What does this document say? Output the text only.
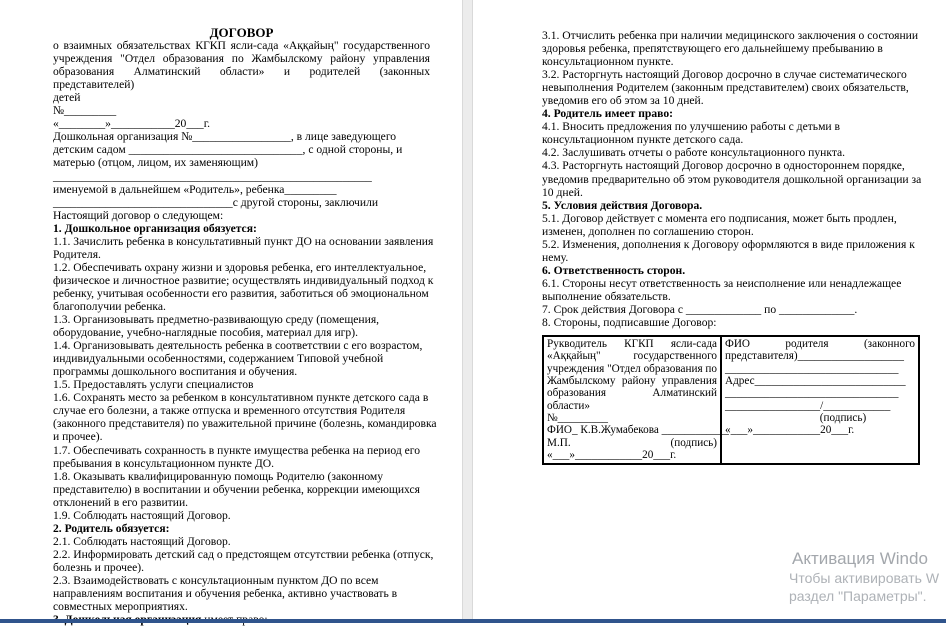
ДОГОВОР
о взаимных обязательствах КГКП ясли-сада «Аққайың" государственного
учреждения "Отдел образования по Жамбылскому району управления
образования Алматинский области» и родителей (законных представителей)
детей
№_________
«________»___________20___г.
Дошкольная организация №_________________, в лице заведующего
детским садом ______________________________, с одной стороны, и
матерью (отцом, лицом, их заменяющим)
_______________________________________________________
именуемой в дальнейшем «Родитель», ребенка_________
_______________________________с другой стороны, заключили
Настоящий договор о следующем:
1. Дошкольное организация обязуется:
1.1. Зачислить ребенка в консультативный пункт ДО на основании заявления
Родителя.
1.2. Обеспечивать охрану жизни и здоровья ребенка, его интеллектуальное,
физическое и личностное развитие; осуществлять индивидуальный подход к
ребенку, учитывая особенности его развития, заботиться об эмоциональном
благополучии ребенка.
1.3. Организовывать предметно-развивающую среду (помещения,
оборудование, учебно-наглядные пособия, материал для игр).
1.4. Организовывать деятельность ребенка в соответствии с его возрастом,
индивидуальными особенностями, содержанием Типовой учебной
программы дошкольного воспитания и обучения.
1.5. Предоставлять услуги специалистов
1.6. Сохранять место за ребенком в консультативном пункте детского сада в
случае его болезни, а также отпуска и временного отсутствия Родителя
(законного представителя) по уважительной причине (болезнь, командировка
и прочее).
1.7. Обеспечивать сохранность в пункте имущества ребенка на период его
пребывания в консультационном пункте ДО.
1.8. Оказывать квалифицированную помощь Родителю (законному
представителю) в воспитании и обучении ребенка, коррекции имеющихся
отклонений в его развитии.
1.9. Соблюдать настоящий Договор.
2. Родитель обязуется:
2.1. Соблюдать настоящий Договор.
2.2. Информировать детский сад о предстоящем отсутствии ребенка (отпуск,
болезнь и прочее).
2.3. Взаимодействовать с консультационным пунктом ДО по всем
направлениям воспитания и обучения ребенка, активно участвовать в
совместных мероприятиях.
3.1. Отчислить ребенка при наличии медицинского заключения о состоянии
здоровья ребенка, препятствующего его дальнейшему пребыванию в
консультационном пункте.
3.2. Расторгнуть настоящий Договор досрочно в случае систематического
невыполнения Родителем (законным представителем) своих обязательств,
уведомив его об этом за 10 дней.
4. Родитель имеет право:
4.1. Вносить предложения по улучшению работы с детьми в
консультационном пункте детского сада.
4.2. Заслушивать отчеты о работе консультационного пункта.
4.3. Расторгнуть настоящий Договор досрочно в одностороннем порядке,
уведомив предварительно об этом руководителя дошкольной организации за
10 дней.
5. Условия действия Договора.
5.1. Договор действует с момента его подписания, может быть продлен,
изменен, дополнен по соглашению сторон.
5.2. Изменения, дополнения к Договору оформляются в виде приложения к
нему.
6. Ответственность сторон.
6.1. Стороны несут ответственность за неисполнение или ненадлежащее
выполнение обязательств.
7. Срок действия Договора с _____________ по _____________.
8. Стороны, подписавшие Договор:
Рукводитель КГКП ясли-сада
«Аққайың" государственного
учреждения "Отдел образования по
Жамбылскому району управления
образования Алматинский области»
№_________
ФИО_ К.В.Жумабекова ____________
М.П.	(подпись)
«___»____________20___г.

ФИО родителя (законного
представителя)___________________
_______________________________
Адрес___________________________
_______________________________
_________________/____________
(подпись)
«___»____________20___г.
Активация Windo
Чтобы активировать W
раздел "Параметры".
